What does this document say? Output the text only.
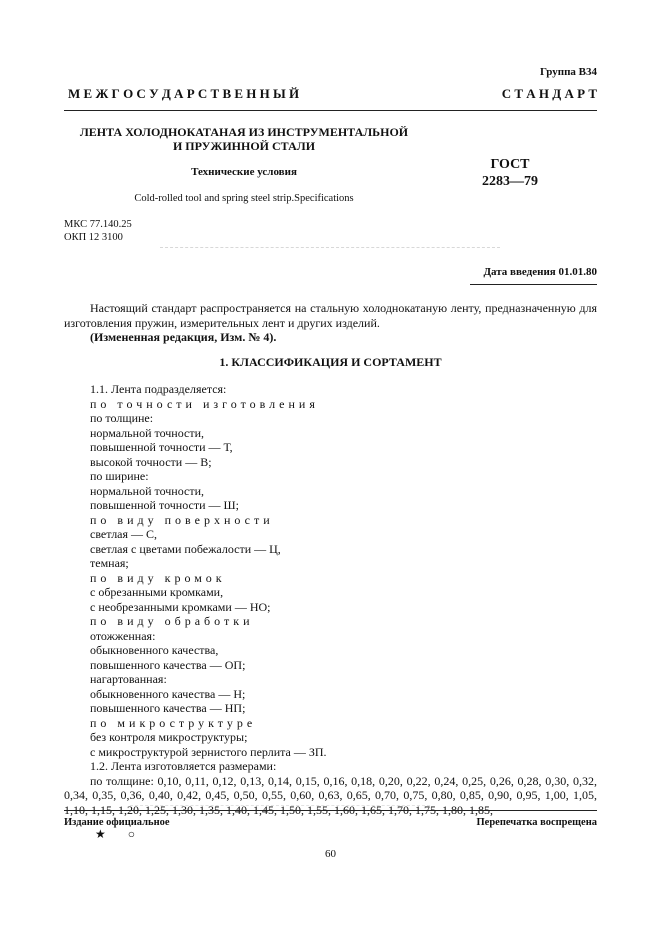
Группа В34
М Е Ж Г О С У Д А Р С Т В Е Н Н Ы Й	С Т А Н Д А Р Т
ЛЕНТА ХОЛОДНОКАТАНАЯ ИЗ ИНСТРУМЕНТАЛЬНОЙ
И ПРУЖИННОЙ СТАЛИ
Технические условия	ГОСТ
2283—79
Cold-rolled tool and spring steel strip.Specifications
МКС 77.140.25
ОКП 12 3100
Дата введения 01.01.80
Настоящий стандарт распространяется на стальную холоднокатаную ленту, предназначенную для изготовления пружин, измерительных лент и других изделий.
(Измененная редакция, Изм. № 4).
1. КЛАССИФИКАЦИЯ И СОРТАМЕНТ
1.1. Лента подразделяется:
по точности изготовления
по толщине:
нормальной точности,
повышенной точности — Т,
высокой точности — В;
по ширине:
нормальной точности,
повышенной точности — Ш;
по виду поверхности
светлая — С,
светлая с цветами побежалости — Ц,
темная;
по виду кромок
с обрезанными кромками,
с необрезанными кромками — НО;
по виду обработки
отожженная:
обыкновенного качества,
повышенного качества — ОП;
нагартованная:
обыкновенного качества — Н;
повышенного качества — НП;
по микроструктуре
без контроля микроструктуры;
с микроструктурой зернистого перлита — ЗП.
1.2. Лента изготовляется размерами:
по толщине: 0,10, 0,11, 0,12, 0,13, 0,14, 0,15, 0,16, 0,18, 0,20, 0,22, 0,24, 0,25, 0,26, 0,28, 0,30, 0,32, 0,34, 0,35, 0,36, 0,40, 0,42, 0,45, 0,50, 0,55, 0,60, 0,63, 0,65, 0,70, 0,75, 0,80, 0,85, 0,90, 0,95, 1,00, 1,05, 1,10, 1,15, 1,20, 1,25, 1,30, 1,35, 1,40, 1,45, 1,50, 1,55, 1,60, 1,65, 1,70, 1,75, 1,80, 1,85,
Издание официальное	Перепечатка воспрещена
★ ○
60
